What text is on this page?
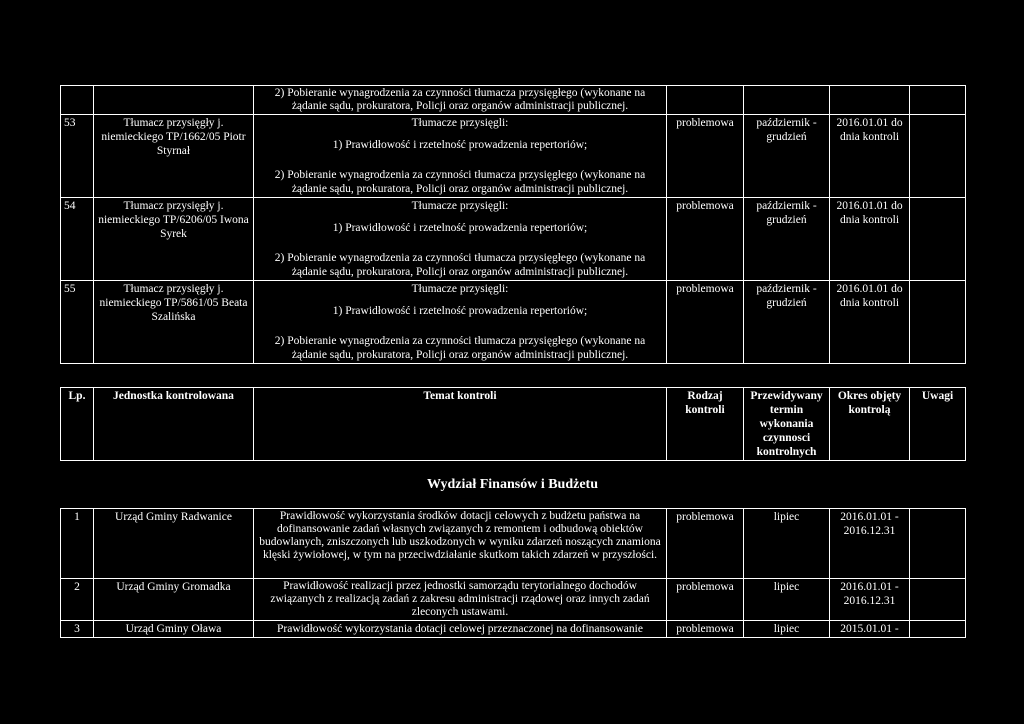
		2) Pobieranie wynagrodzenia za czynności tłumacza przysięgłego (wykonane na żądanie sądu, prokuratora, Policji oraz organów administracji publicznej.				
53	Tłumacz przysięgły j. niemieckiego TP/1662/05 Piotr Styrnał	Tłumacze przysięgli:
1) Prawidłowość i rzetelność prowadzenia repertoriów;
2) Pobieranie wynagrodzenia za czynności tłumacza przysięgłego (wykonane na żądanie sądu, prokuratora, Policji oraz organów administracji publicznej.	problemowa	październik - grudzień	2016.01.01 do dnia kontroli	
54	Tłumacz przysięgły j. niemieckiego TP/6206/05 Iwona Syrek	Tłumacze przysięgli:
1) Prawidłowość i rzetelność prowadzenia repertoriów;
2) Pobieranie wynagrodzenia za czynności tłumacza przysięgłego (wykonane na żądanie sądu, prokuratora, Policji oraz organów administracji publicznej.	problemowa	październik - grudzień	2016.01.01 do dnia kontroli	
55	Tłumacz przysięgły j. niemieckiego TP/5861/05 Beata Szalińska	Tłumacze przysięgli:
1) Prawidłowość i rzetelność prowadzenia repertoriów;
2) Pobieranie wynagrodzenia za czynności tłumacza przysięgłego (wykonane na żądanie sądu, prokuratora, Policji oraz organów administracji publicznej.	problemowa	październik - grudzień	2016.01.01 do dnia kontroli	
Lp.	Jednostka kontrolowana	Temat kontroli	Rodzaj kontroli	Przewidywany termin wykonania czynnosci kontrolnych	Okres objęty kontrolą	Uwagi
Wydział Finansów i Budżetu
1	Urząd Gminy Radwanice	Prawidłowość wykorzystania środków dotacji celowych z budżetu państwa na dofinansowanie zadań własnych związanych z remontem i odbudową obiektów budowlanych, zniszczonych lub uszkodzonych w wyniku zdarzeń noszących znamiona klęski żywiołowej, w tym na przeciwdziałanie skutkom takich zdarzeń w przyszłości.	problemowa	lipiec	2016.01.01 - 2016.12.31	
2	Urząd Gminy Gromadka	Prawidłowość realizacji przez jednostki samorządu terytorialnego dochodów związanych z realizacją zadań z zakresu administracji rządowej oraz innych zadań zleconych ustawami.	problemowa	lipiec	2016.01.01 - 2016.12.31	
3	Urząd Gminy Oława	Prawidłowość wykorzystania dotacji celowej przeznaczonej na dofinansowanie	problemowa	lipiec	2015.01.01 -	
